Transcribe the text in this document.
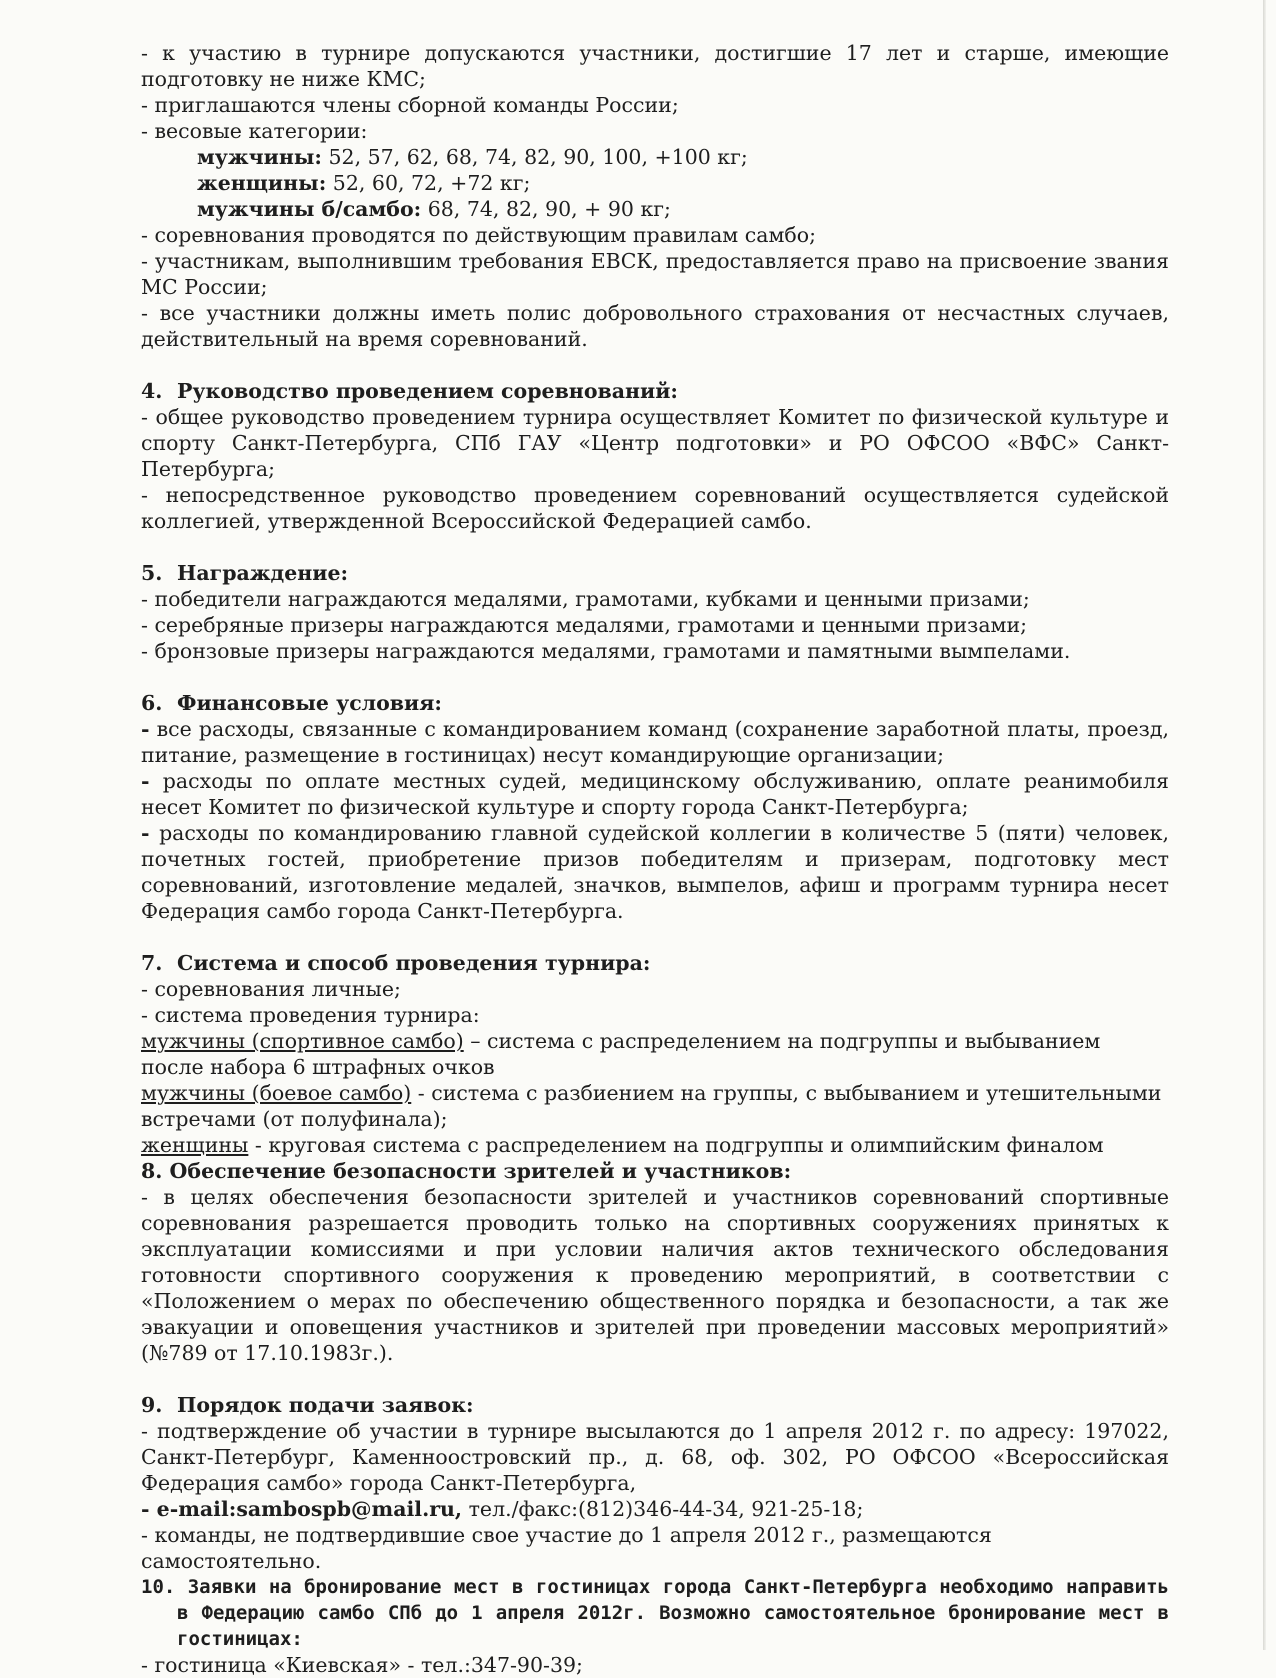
- к участию в турнире допускаются участники, достигшие 17 лет и старше, имеющие подготовку не ниже КМС;

- приглашаются члены сборной команды России;

- весовые категории:

мужчины: 52, 57, 62, 68, 74, 82, 90, 100, +100 кг;

женщины: 52, 60, 72, +72 кг;

мужчины б/самбо: 68, 74, 82, 90, + 90 кг;

- соревнования проводятся по действующим правилам самбо;

- участникам, выполнившим требования ЕВСК, предоставляется право на присвоение звания МС России;

- все участники должны иметь полис добровольного страхования от несчастных случаев, действительный на время соревнований.

4. Руководство проведением соревнований:

- общее руководство проведением турнира осуществляет Комитет по физической культуре и спорту Санкт-Петербурга, СПб ГАУ «Центр подготовки» и РО ОФСОО «ВФС» Санкт-Петербурга;

- непосредственное руководство проведением соревнований осуществляется судейской коллегией, утвержденной Всероссийской Федерацией самбо.

5. Награждение:

- победители награждаются медалями, грамотами, кубками и ценными призами;

- серебряные призеры награждаются медалями, грамотами и ценными призами;

- бронзовые призеры награждаются медалями, грамотами и памятными вымпелами.

6. Финансовые условия:

- все расходы, связанные с командированием команд (сохранение заработной платы, проезд, питание, размещение в гостиницах) несут командирующие организации;

- расходы по оплате местных судей, медицинскому обслуживанию, оплате реанимобиля несет Комитет по физической культуре и спорту города Санкт-Петербурга;

- расходы по командированию главной судейской коллегии в количестве 5 (пяти) человек, почетных гостей, приобретение призов победителям и призерам, подготовку мест соревнований, изготовление медалей, значков, вымпелов, афиш и программ турнира несет Федерация самбо города Санкт-Петербурга.

7. Система и способ проведения турнира:

- соревнования личные;

- система проведения турнира:

мужчины (спортивное самбо) – система с распределением на подгруппы и выбыванием после набора 6 штрафных очков

мужчины (боевое самбо) - система с разбиением на группы, с выбыванием и утешительными встречами (от полуфинала);

женщины - круговая система с распределением на подгруппы и олимпийским финалом

8. Обеспечение безопасности зрителей и участников:

- в целях обеспечения безопасности зрителей и участников соревнований спортивные соревнования разрешается проводить только на спортивных сооружениях принятых к эксплуатации комиссиями и при условии наличия актов технического обследования готовности спортивного сооружения к проведению мероприятий, в соответствии с «Положением о мерах по обеспечению общественного порядка и безопасности, а так же эвакуации и оповещения участников и зрителей при проведении массовых мероприятий» (№789 от 17.10.1983г.).

9. Порядок подачи заявок:

- подтверждение об участии в турнире высылаются до 1 апреля 2012 г. по адресу: 197022, Санкт-Петербург, Каменноостровский пр., д. 68, оф. 302, РО ОФСОО «Всероссийская Федерация самбо» города Санкт-Петербурга,

- e-mail:sambospb@mail.ru, тел./факс:(812)346-44-34, 921-25-18;

- команды, не подтвердившие свое участие до 1 апреля 2012 г., размещаются самостоятельно.

10. Заявки на бронирование мест в гостиницах города Санкт-Петербурга необходимо направить в Федерацию самбо СПб до 1 апреля 2012г. Возможно самостоятельное бронирование мест в гостиницах:

- гостиница «Киевская» - тел.:347-90-39;
